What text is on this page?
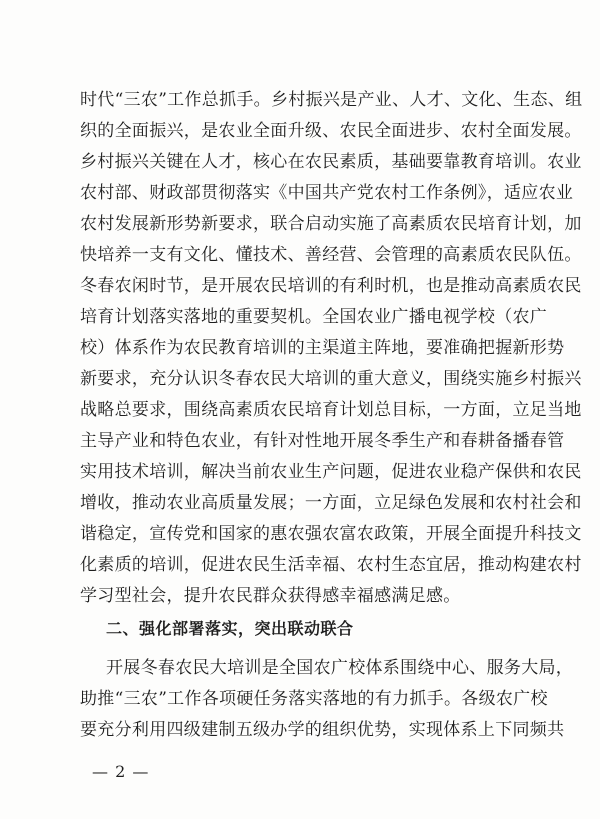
时代“三农”工作总抓手。乡村振兴是产业、人才、文化、生态、组
织的全面振兴，是农业全面升级、农民全面进步、农村全面发展。
乡村振兴关键在人才，核心在农民素质，基础要靠教育培训。农业
农村部、财政部贯彻落实《中国共产党农村工作条例》，适应农业
农村发展新形势新要求，联合启动实施了高素质农民培育计划，加
快培养一支有文化、懂技术、善经营、会管理的高素质农民队伍。
冬春农闲时节，是开展农民培训的有利时机，也是推动高素质农民
培育计划落实落地的重要契机。全国农业广播电视学校（农广
校）体系作为农民教育培训的主渠道主阵地，要准确把握新形势
新要求，充分认识冬春农民大培训的重大意义，围绕实施乡村振兴
战略总要求，围绕高素质农民培育计划总目标，一方面，立足当地
主导产业和特色农业，有针对性地开展冬季生产和春耕备播春管
实用技术培训，解决当前农业生产问题，促进农业稳产保供和农民
增收，推动农业高质量发展；一方面，立足绿色发展和农村社会和
谐稳定，宣传党和国家的惠农强农富农政策，开展全面提升科技文
化素质的培训，促进农民生活幸福、农村生态宜居，推动构建农村
学习型社会，提升农民群众获得感幸福感满足感。
二、强化部署落实，突出联动联合
开展冬春农民大培训是全国农广校体系围绕中心、服务大局，
助推“三农”工作各项硬任务落实落地的有力抓手。各级农广校
要充分利用四级建制五级办学的组织优势，实现体系上下同频共
— 2 —
